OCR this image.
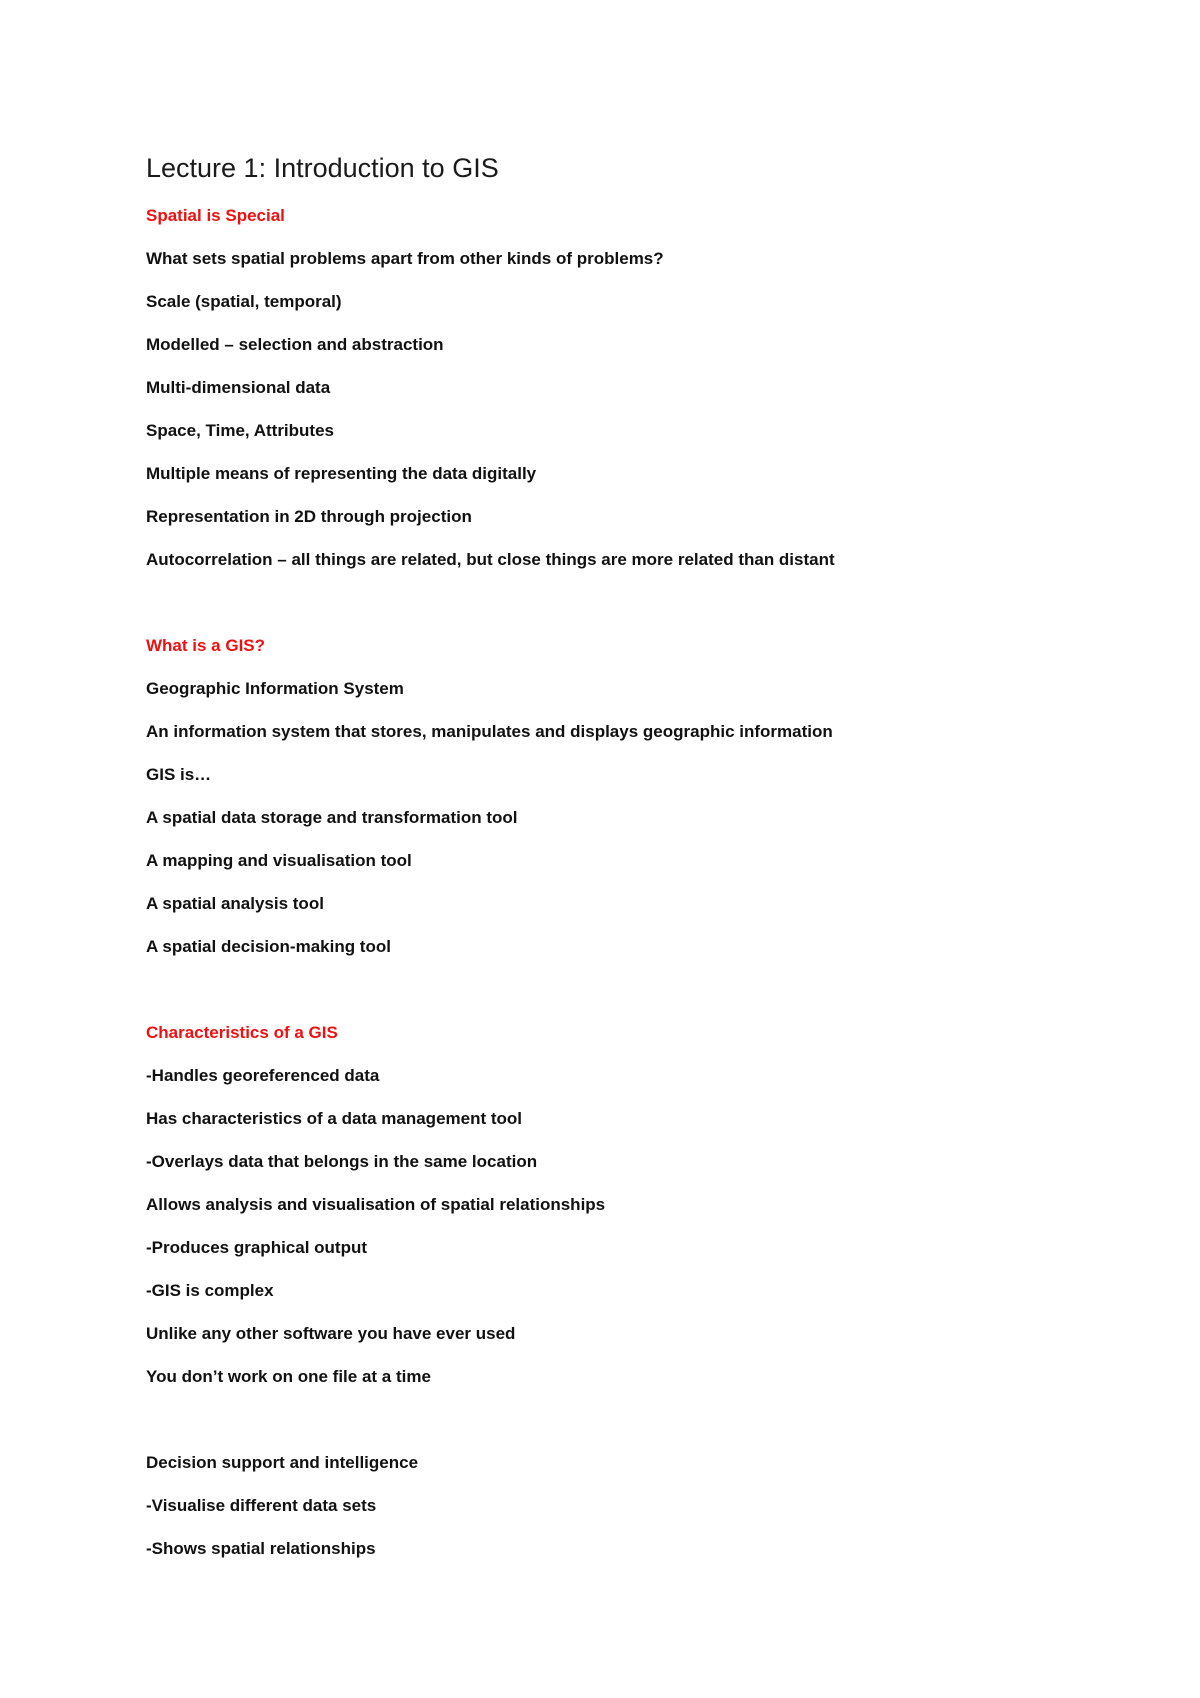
Lecture 1: Introduction to GIS
Spatial is Special
What sets spatial problems apart from other kinds of problems?
Scale (spatial, temporal)
Modelled – selection and abstraction
Multi-dimensional data
Space, Time, Attributes
Multiple means of representing the data digitally
Representation in 2D through projection
Autocorrelation – all things are related, but close things are more related than distant
What is a GIS?
Geographic Information System
An information system that stores, manipulates and displays geographic information
GIS is…
A spatial data storage and transformation tool
A mapping and visualisation tool
A spatial analysis tool
A spatial decision-making tool
Characteristics of a GIS
-Handles georeferenced data
Has characteristics of a data management tool
-Overlays data that belongs in the same location
Allows analysis and visualisation of spatial relationships
-Produces graphical output
-GIS is complex
Unlike any other software you have ever used
You don’t work on one file at a time
Decision support and intelligence
-Visualise different data sets
-Shows spatial relationships
